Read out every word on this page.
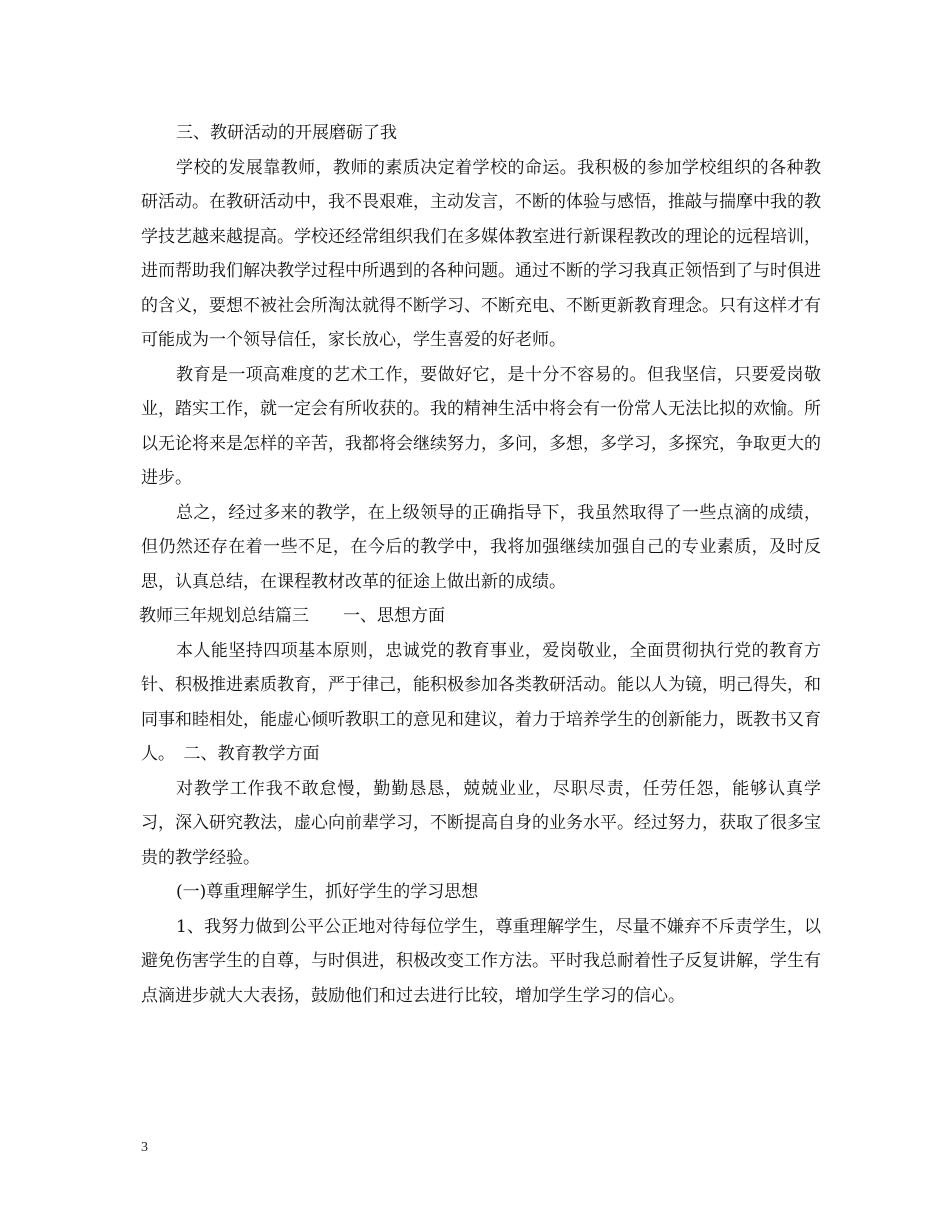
三、教研活动的开展磨砺了我

学校的发展靠教师，教师的素质决定着学校的命运。我积极的参加学校组织的各种教研活动。在教研活动中，我不畏艰难，主动发言，不断的体验与感悟，推敲与揣摩中我的教学技艺越来越提高。学校还经常组织我们在多媒体教室进行新课程教改的理论的远程培训，进而帮助我们解决教学过程中所遇到的各种问题。通过不断的学习我真正领悟到了与时俱进的含义，要想不被社会所淘汰就得不断学习、不断充电、不断更新教育理念。只有这样才有可能成为一个领导信任，家长放心，学生喜爱的好老师。

教育是一项高难度的艺术工作，要做好它，是十分不容易的。但我坚信，只要爱岗敬业，踏实工作，就一定会有所收获的。我的精神生活中将会有一份常人无法比拟的欢愉。所以无论将来是怎样的辛苦，我都将会继续努力，多问，多想，多学习，多探究，争取更大的进步。

总之，经过多来的教学，在上级领导的正确指导下，我虽然取得了一些点滴的成绩，但仍然还存在着一些不足，在今后的教学中，我将加强继续加强自己的专业素质，及时反思，认真总结，在课程教材改革的征途上做出新的成绩。

教师三年规划总结篇三 一、思想方面

本人能坚持四项基本原则，忠诚党的教育事业，爱岗敬业，全面贯彻执行党的教育方针、积极推进素质教育，严于律己，能积极参加各类教研活动。能以人为镜，明己得失，和同事和睦相处，能虚心倾听教职工的意见和建议，着力于培养学生的创新能力，既教书又育人。  二、教育教学方面

对教学工作我不敢怠慢，勤勤恳恳，兢兢业业，尽职尽责，任劳任怨，能够认真学习，深入研究教法，虚心向前辈学习，不断提高自身的业务水平。经过努力，获取了很多宝贵的教学经验。

(一)尊重理解学生，抓好学生的学习思想

1、我努力做到公平公正地对待每位学生，尊重理解学生，尽量不嫌弃不斥责学生，以避免伤害学生的自尊，与时俱进，积极改变工作方法。平时我总耐着性子反复讲解，学生有点滴进步就大大表扬，鼓励他们和过去进行比较，增加学生学习的信心。

3
